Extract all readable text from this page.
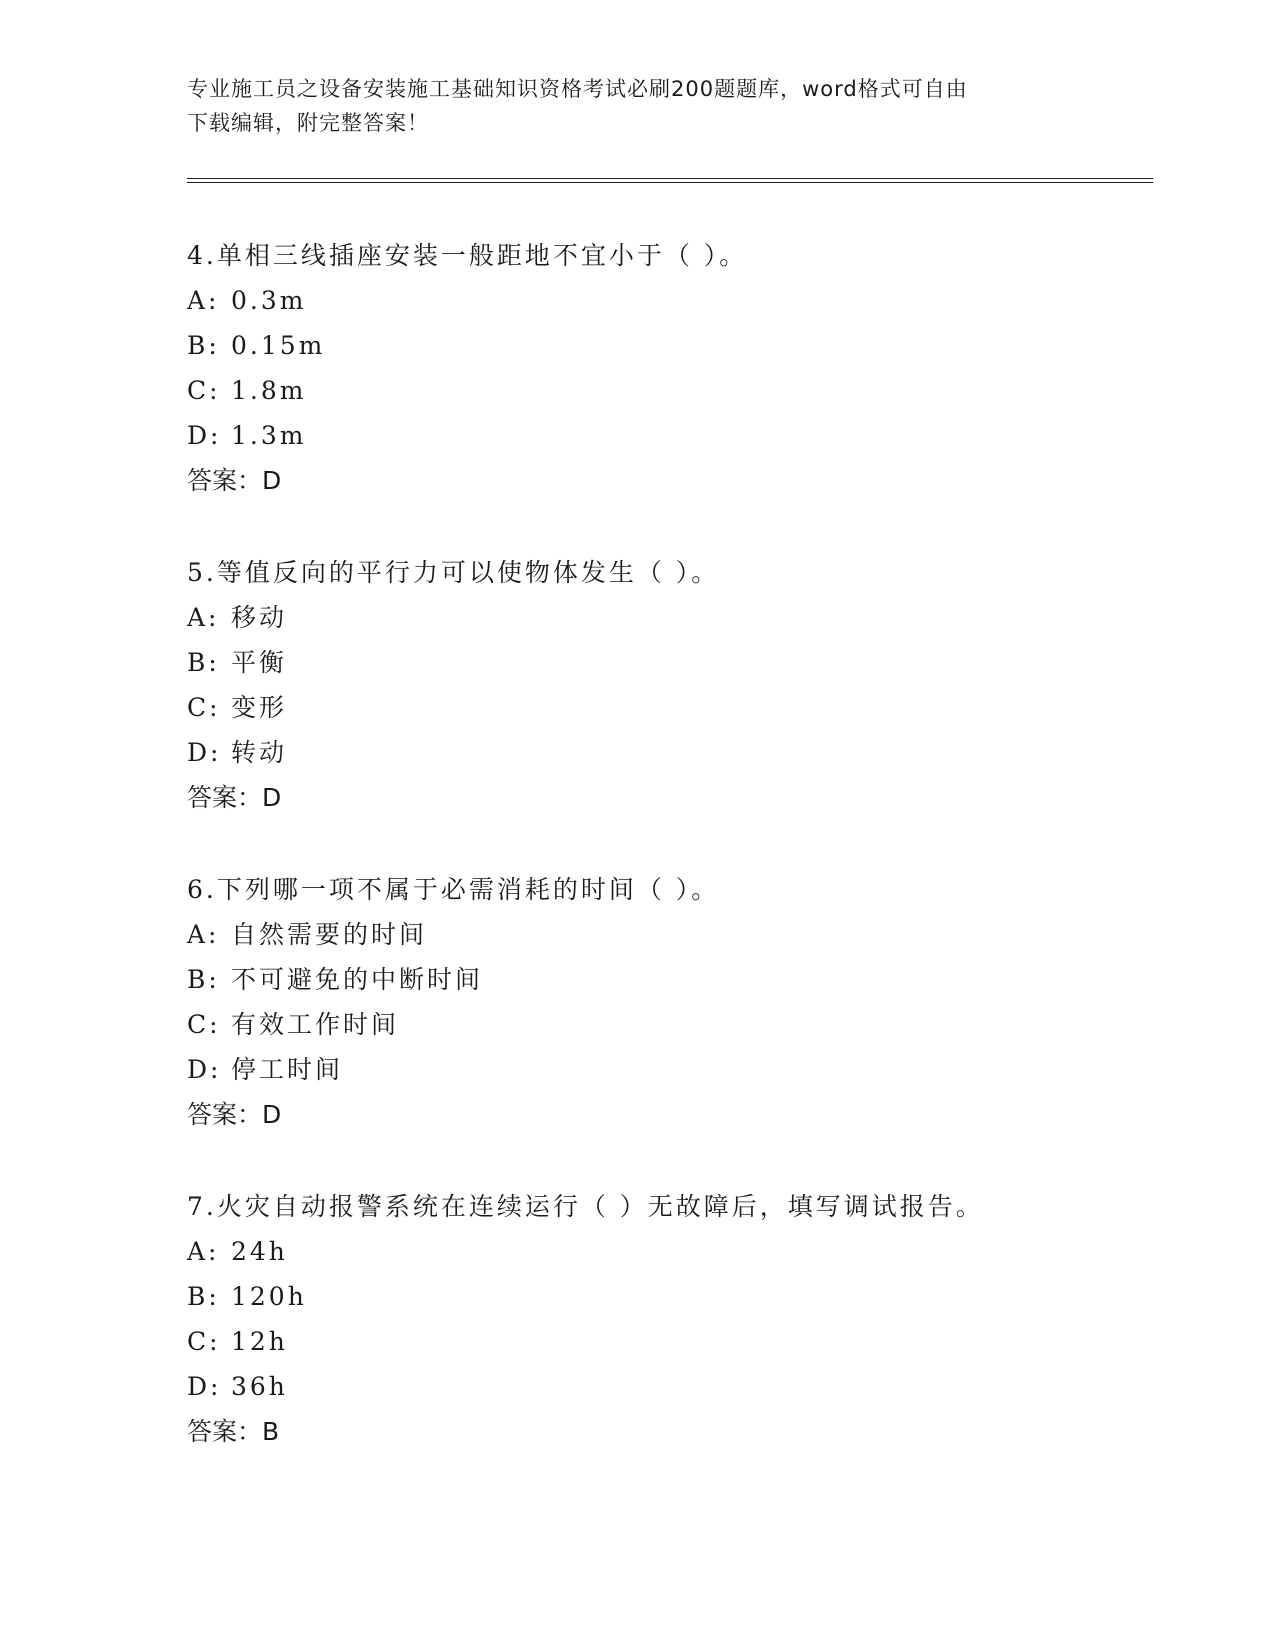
专业施工员之设备安装施工基础知识资格考试必刷200题题库，word格式可自由
下载编辑，附完整答案！
4.单相三线插座安装一般距地不宜小于（ ）。
A: 0.3m
B: 0.15m
C: 1.8m
D: 1.3m
答案：D
5.等值反向的平行力可以使物体发生（ ）。
A: 移动
B: 平衡
C: 变形
D: 转动
答案：D
6.下列哪一项不属于必需消耗的时间（ ）。
A: 自然需要的时间
B: 不可避免的中断时间
C: 有效工作时间
D: 停工时间
答案：D
7.火灾自动报警系统在连续运行（ ）无故障后，填写调试报告。
A: 24h
B: 120h
C: 12h
D: 36h
答案：B
